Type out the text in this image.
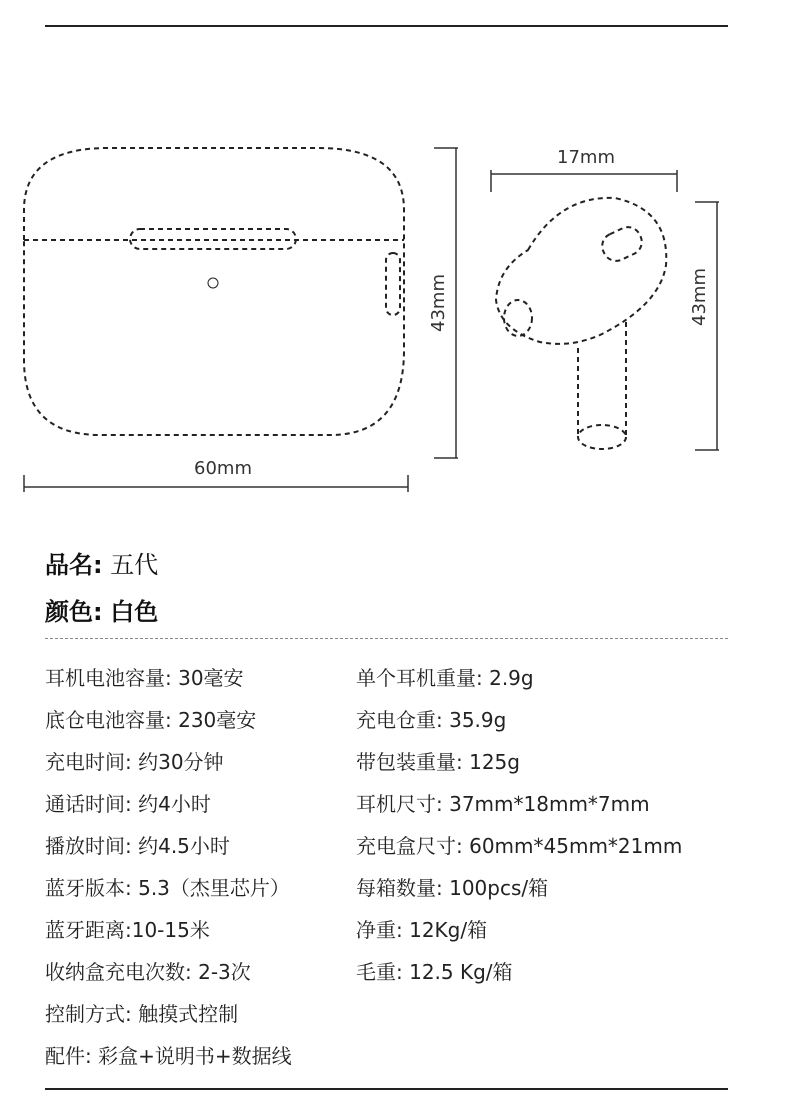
60mm
43mm
17mm
43mm
品名: 五代
颜色: 白色
耳机电池容量: 30毫安
底仓电池容量: 230毫安
充电时间: 约30分钟
通话时间: 约4小时
播放时间: 约4.5小时
蓝牙版本: 5.3（杰里芯片）
蓝牙距离:10-15米
收纳盒充电次数: 2-3次
控制方式: 触摸式控制
配件: 彩盒+说明书+数据线
单个耳机重量: 2.9g
充电仓重: 35.9g
带包装重量: 125g
耳机尺寸: 37mm*18mm*7mm
充电盒尺寸: 60mm*45mm*21mm
每箱数量: 100pcs/箱
净重: 12Kg/箱
毛重: 12.5 Kg/箱
